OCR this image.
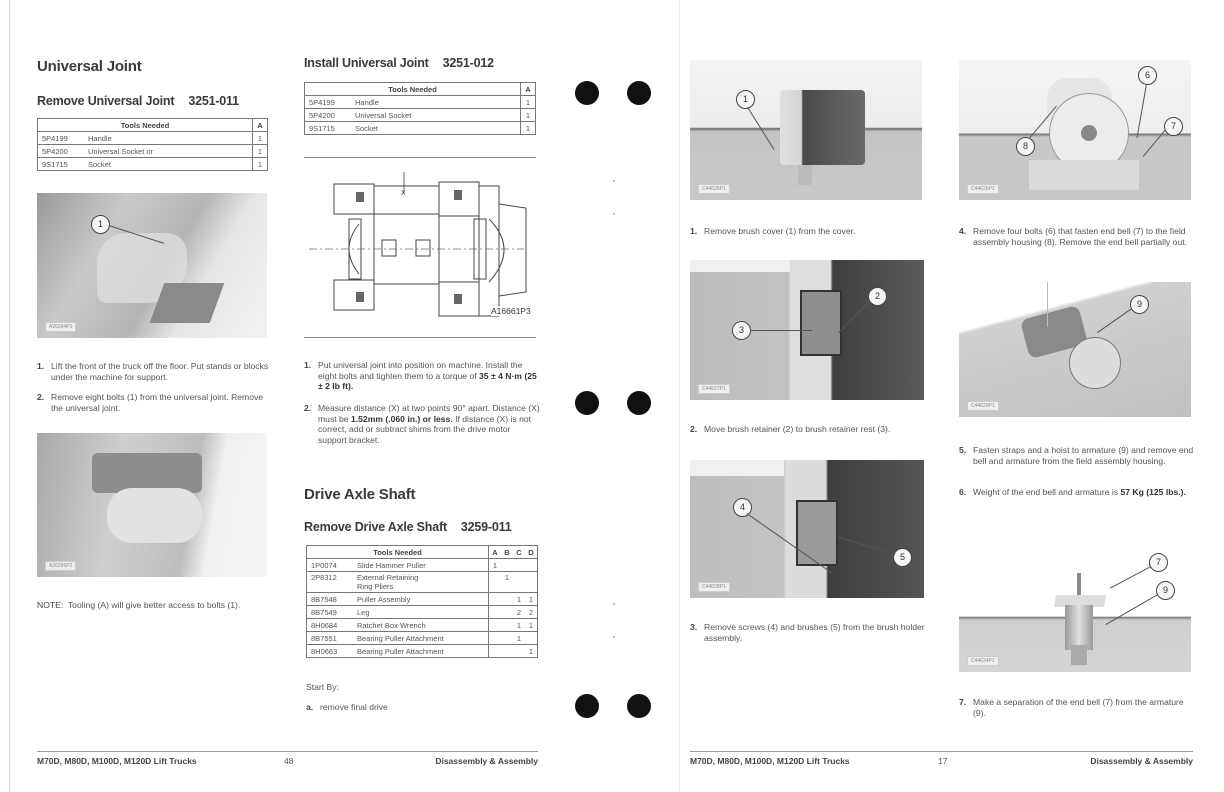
Universal Joint
Remove Universal Joint 3251-011
Tools Needed		A
5P4199	Handle	1
5P4200	Universal Socket or	1
9S1715	Socket	1
1
A26294P1
1. Lift the front of the truck off the floor. Put stands or blocks under the machine for support.
2. Remove eight bolts (1) from the universal joint. Remove the universal joint.
A26295P2
NOTE: Tooling (A) will give better access to bolts (1).
Install Universal Joint 3251-012
Tools Needed		A
5P4199	Handle	1
5P4200	Universal Socket	1
9S1715	Socket	1
X
A16661P3
1. Put universal joint into position on machine. Install the eight bolts and tighten them to a torque of 35 ± 4 N·m (25 ± 2 lb ft).
2. Measure distance (X) at two points 90° apart. Distance (X) must be 1.52mm (.060 in.) or less. If distance (X) is not correct, add or subtract shims from the drive motor support bracket.
Drive Axle Shaft
Remove Drive Axle Shaft 3259-011
Tools Needed		A	B	C	D
1P0074	Slide Hammer Puller	1			
2P8312	External Retaining Ring Pliers		1		
8B7548	Puller Assembly			1	1
8B7549	Leg			2	2
8H0684	Ratchet Box Wrench			1	1
8B7551	Bearing Puller Attachment			1	
8H0663	Bearing Puller Attachment				1
Start By:
a. remove final drive
M70D, M80D, M100D, M120D Lift Trucks	48	Disassembly & Assembly
1
C44625P1
1. Remove brush cover (1) from the cover.
2
3
C44627P1
2. Move brush retainer (2) to brush retainer rest (3).
4
5
C44628P1
3. Remove screws (4) and brushes (5) from the brush holder assembly.
6
7
8
C44626P1
4. Remove four bolts (6) that fasten end bell (7) to the field assembly housing (8). Remove the end bell partially out.
9
C44629P1
5. Fasten straps and a hoist to armature (9) and remove end bell and armature from the field assembly housing.
6. Weight of the end bell and armature is 57 Kg (125 lbs.).
7
9
C44624P1
7. Make a separation of the end bell (7) from the armature (9).
M70D, M80D, M100D, M120D Lift Trucks	17	Disassembly & Assembly
